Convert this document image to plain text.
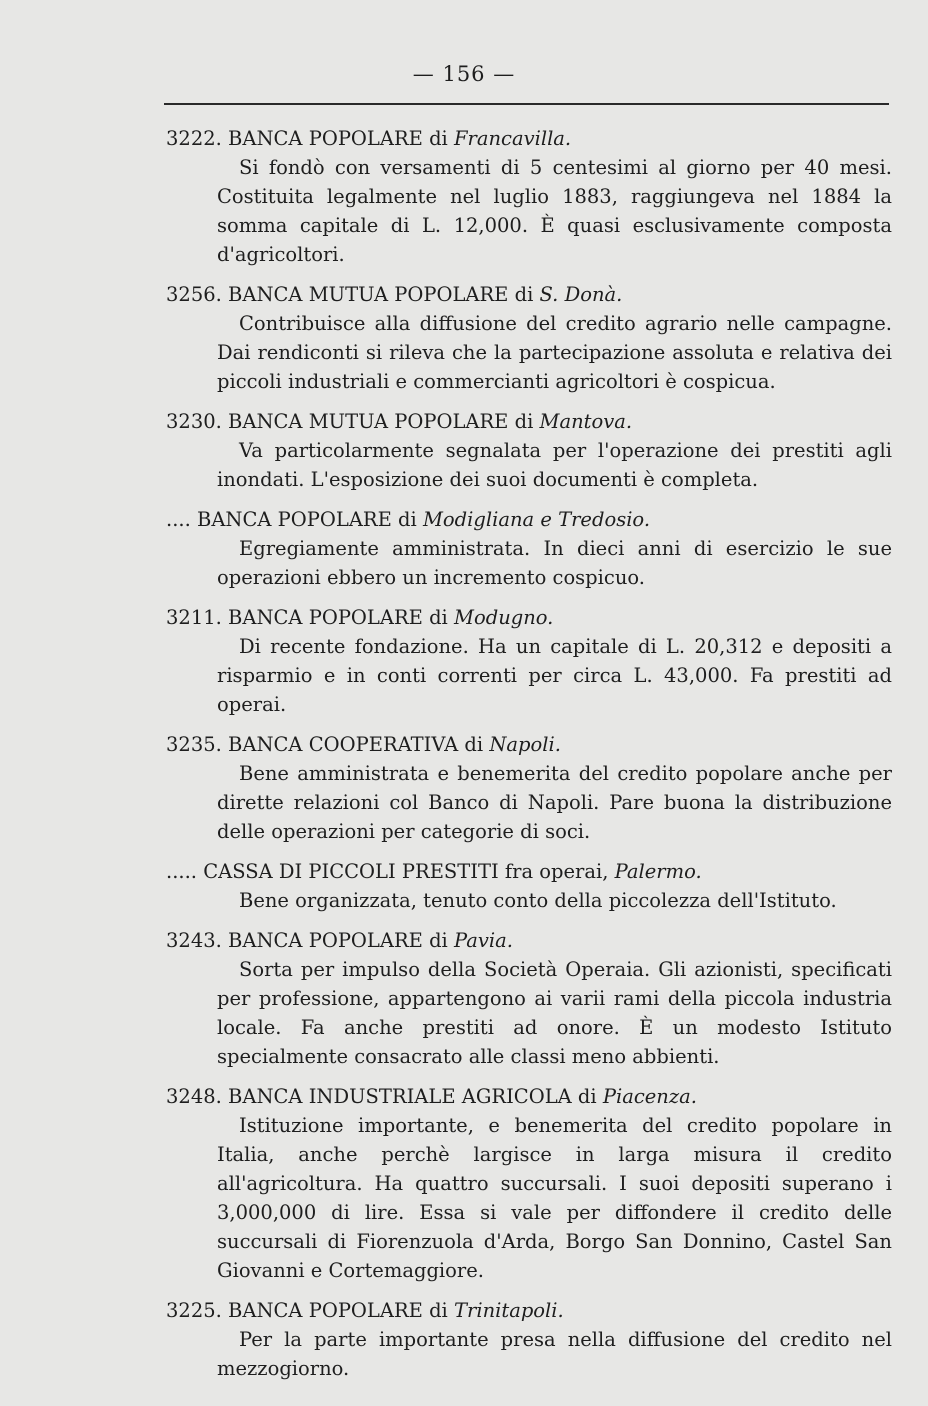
— 156 —
3222. BANCA POPOLARE di Francavilla.
Si fondò con versamenti di 5 centesimi al giorno per 40 mesi. Costituita legalmente nel luglio 1883, raggiungeva nel 1884 la somma capitale di L. 12,000. È quasi esclusivamente composta d'agricoltori.
3256. BANCA MUTUA POPOLARE di S. Donà.
Contribuisce alla diffusione del credito agrario nelle campagne. Dai rendiconti si rileva che la partecipazione assoluta e relativa dei piccoli industriali e commercianti agricoltori è cospicua.
3230. BANCA MUTUA POPOLARE di Mantova.
Va particolarmente segnalata per l'operazione dei prestiti agli inondati. L'esposizione dei suoi documenti è completa.
.... BANCA POPOLARE di Modigliana e Tredosio.
Egregiamente amministrata. In dieci anni di esercizio le sue operazioni ebbero un incremento cospicuo.
3211. BANCA POPOLARE di Modugno.
Di recente fondazione. Ha un capitale di L. 20,312 e depositi a risparmio e in conti correnti per circa L. 43,000. Fa prestiti ad operai.
3235. BANCA COOPERATIVA di Napoli.
Bene amministrata e benemerita del credito popolare anche per dirette relazioni col Banco di Napoli. Pare buona la distribuzione delle operazioni per categorie di soci.
..... CASSA DI PICCOLI PRESTITI fra operai, Palermo.
Bene organizzata, tenuto conto della piccolezza dell'Istituto.
3243. BANCA POPOLARE di Pavia.
Sorta per impulso della Società Operaia. Gli azionisti, specificati per professione, appartengono ai varii rami della piccola industria locale. Fa anche prestiti ad onore. È un modesto Istituto specialmente consacrato alle classi meno abbienti.
3248. BANCA INDUSTRIALE AGRICOLA di Piacenza.
Istituzione importante, e benemerita del credito popolare in Italia, anche perchè largisce in larga misura il credito all'agricoltura. Ha quattro succursali. I suoi depositi superano i 3,000,000 di lire. Essa si vale per diffondere il credito delle succursali di Fiorenzuola d'Arda, Borgo San Donnino, Castel San Giovanni e Cortemaggiore.
3225. BANCA POPOLARE di Trinitapoli.
Per la parte importante presa nella diffusione del credito nel mezzogiorno.
